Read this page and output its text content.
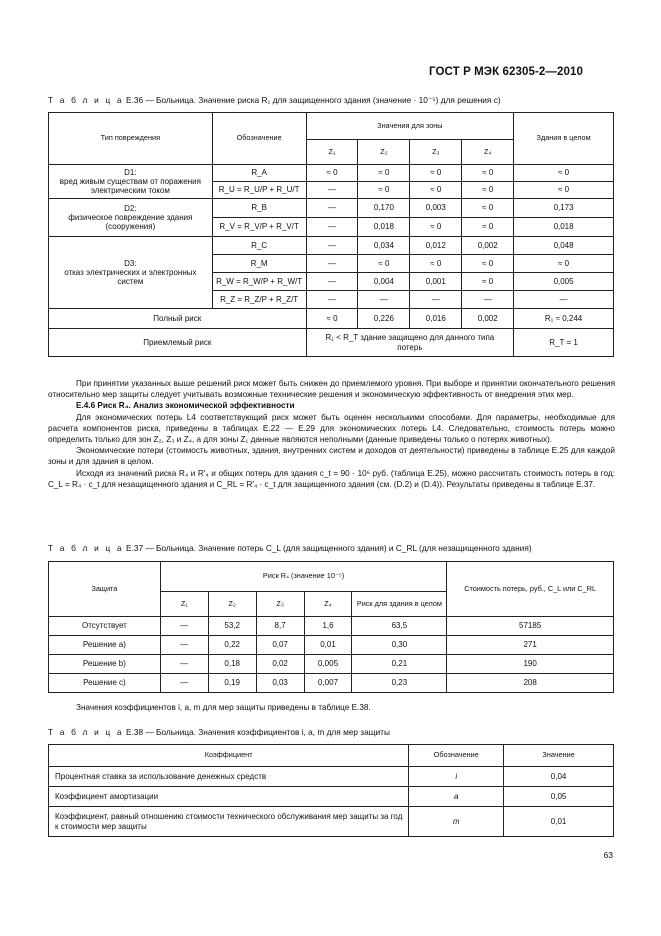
ГОСТ Р МЭК 62305-2—2010
Т а б л и ц а Е.36 — Больница. Значение риска R₁ для защищенного здания (значение · 10⁻⁵) для решения с)
Тип повреждения	Обозначение	Значения для зоны				Здания в целом
		Z₁	Z₂	Z₃	Z₄	
D1:
вред живым существам от поражения электрическим током	R_A	≈ 0	≈ 0	≈ 0	≈ 0	≈ 0
	R_U = R_U/P + R_U/T	—	≈ 0	≈ 0	≈ 0	≈ 0
D2:
физическое повреждение здания (сооружения)	R_B	—	0,170	0,003	≈ 0	0,173
	R_V = R_V/P + R_V/T	—	0,018	≈ 0	≈ 0	0,018
D3:
отказ электрических и электронных систем	R_C	—	0,034	0,012	0,002	0,048
	R_M	—	≈ 0	≈ 0	≈ 0	≈ 0
	R_W = R_W/P + R_W/T	—	0,004	0,001	≈ 0	0,005
	R_Z = R_Z/P + R_Z/T	—	—	—	—	—
Полный риск		≈ 0	0,226	0,016	0,002	R₁ ≈ 0,244
Приемлемый риск		R₁ < R_T здание защищено для данного типа потерь				R_T = 1

При принятии указанных выше решений риск может быть снижен до приемлемого уровня. При выборе и принятии окончательного решения относительно мер защиты следует учитывать возможные технические решения и экономическую эффективность от внедрения этих мер.

Е.4.6 Риск R₄. Анализ экономической эффективности

Для экономических потерь L4 соответствующий риск может быть оценен несколькими способами. Для параметры, необходимые для расчета компонентов риска, приведены в таблицах Е.22 — Е.29 для экономических потерь L4. Следовательно, стоимость потерь можно определить только для зон Z₂, Z₃ и Z₄, а для зоны Z₁ данные являются неполными (данные приведены только о потерях животных).

Экономические потери (стоимость животных, здания, внутренних систем и доходов от деятельности) приведены в таблице Е.25 для каждой зоны и для здания в целом.

Исходя из значений риска R₄ и R′₄ и общих потерь для здания c_t = 90 · 10⁶ руб. (таблица Е.25), можно рассчитать стоимость потерь в год: C_L = R₄ · c_t для незащищенного здания и C_RL = R′₄ · c_t для защищенного здания (см. (D.2) и (D.4)). Результаты приведены в таблице Е.37.

Т а б л и ц а Е.37 — Больница. Значение потерь C_L (для защищенного здания) и C_RL (для незащищенного здания)
Защита	Риск R₄ (значение 10⁻⁵)					Стоимость потерь, руб., C_L или C_RL
	Z₁	Z₂	Z₃	Z₄	Риск для здания в целом	
Отсутствует	—	53,2	8,7	1,6	63,5	57185
Решение а)	—	0,22	0,07	0,01	0,30	271
Решение b)	—	0,18	0,02	0,005	0,21	190
Решение с)	—	0,19	0,03	0,007	0,23	208

Значения коэффициентов i, a, m для мер защиты приведены в таблице Е.38.

Т а б л и ц а Е.38 — Больница. Значения коэффициентов i, a, m для мер защиты
Коэффициент	Обозначение	Значение
Процентная ставка за использование денежных средств	i	0,04
Коэффициент амортизации	a	0,05
Коэффициент, равный отношению стоимости технического обслуживания мер защиты за год к стоимости мер защиты	m	0,01
63
